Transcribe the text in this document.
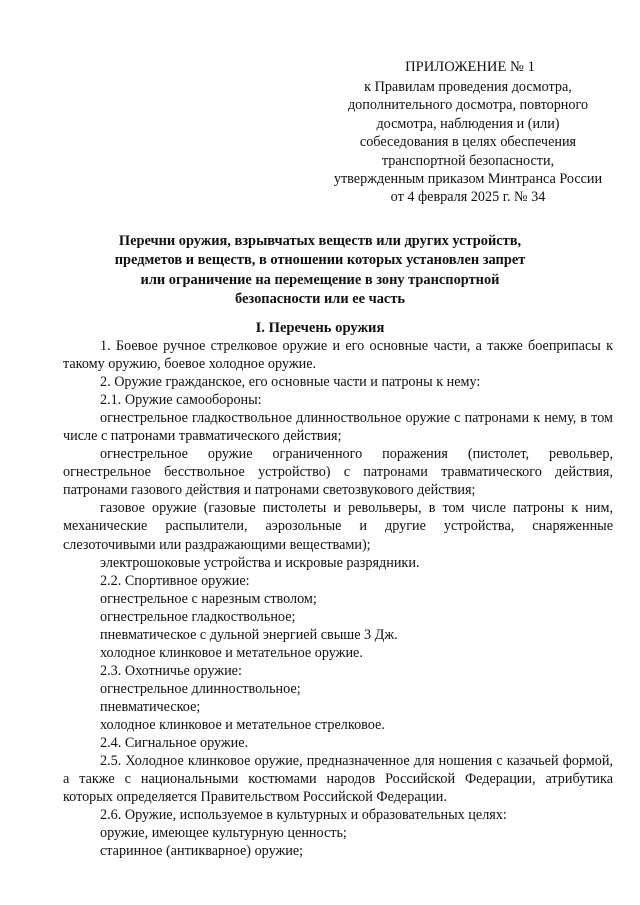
ПРИЛОЖЕНИЕ № 1
к Правилам проведения досмотра,
дополнительного досмотра, повторного
досмотра, наблюдения и (или)
собеседования в целях обеспечения
транспортной безопасности,
утвержденным приказом Минтранса России
от 4 февраля 2025 г. № 34
Перечни оружия, взрывчатых веществ или других устройств,
предметов и веществ, в отношении которых установлен запрет
или ограничение на перемещение в зону транспортной
безопасности или ее часть
I. Перечень оружия

1. Боевое ручное стрелковое оружие и его основные части, а также боеприпасы к такому оружию, боевое холодное оружие.

2. Оружие гражданское, его основные части и патроны к нему:

2.1. Оружие самообороны:

огнестрельное гладкоствольное длинноствольное оружие с патронами к нему, в том числе с патронами травматического действия;

огнестрельное оружие ограниченного поражения (пистолет, револьвер, огнестрельное бесствольное устройство) с патронами травматического действия, патронами газового действия и патронами светозвукового действия;

газовое оружие (газовые пистолеты и револьверы, в том числе патроны к ним, механические распылители, аэрозольные и другие устройства, снаряженные слезоточивыми или раздражающими веществами);

электрошоковые устройства и искровые разрядники.

2.2. Спортивное оружие:

огнестрельное с нарезным стволом;

огнестрельное гладкоствольное;

пневматическое с дульной энергией свыше 3 Дж.

холодное клинковое и метательное оружие.

2.3. Охотничье оружие:

огнестрельное длинноствольное;

пневматическое;

холодное клинковое и метательное стрелковое.

2.4. Сигнальное оружие.

2.5. Холодное клинковое оружие, предназначенное для ношения с казачьей формой, а также с национальными костюмами народов Российской Федерации, атрибутика которых определяется Правительством Российской Федерации.

2.6. Оружие, используемое в культурных и образовательных целях:

оружие, имеющее культурную ценность;

старинное (антикварное) оружие;
